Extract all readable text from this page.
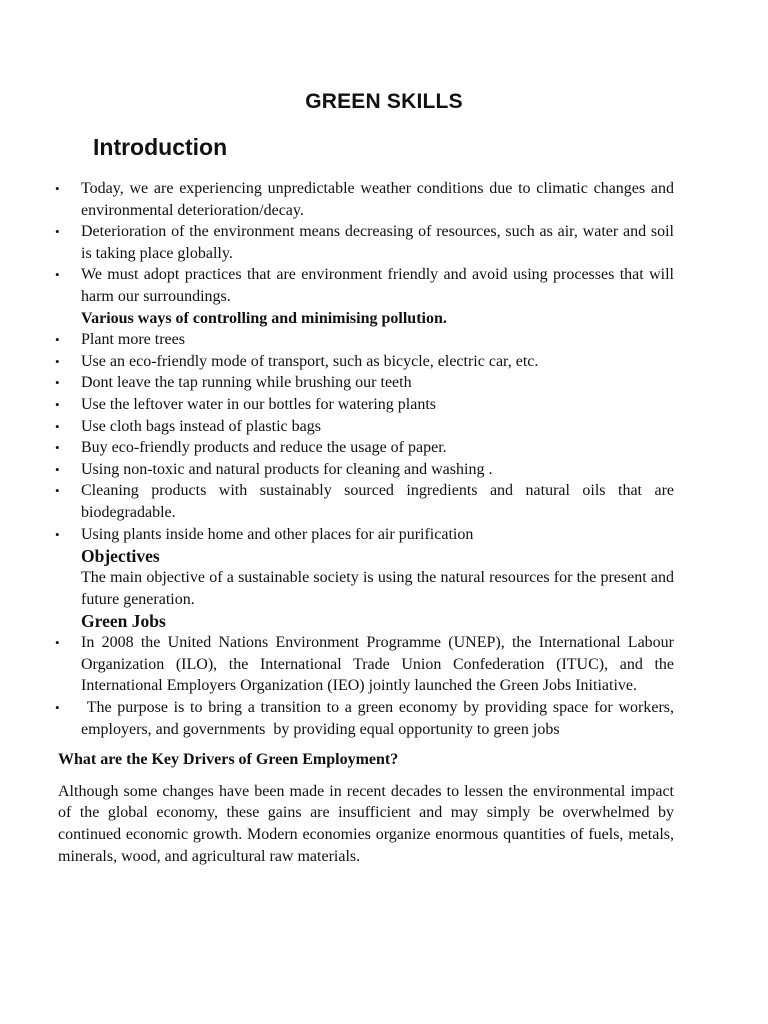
GREEN SKILLS
Introduction
• Today, we are experiencing unpredictable weather conditions due to climatic changes and environmental deterioration/decay.
• Deterioration of the environment means decreasing of resources, such as air, water and soil is taking place globally.
• We must adopt practices that are environment friendly and avoid using processes that will harm our surroundings.
Various ways of controlling and minimising pollution.
• Plant more trees
• Use an eco-friendly mode of transport, such as bicycle, electric car, etc.
• Dont leave the tap running while brushing our teeth
• Use the leftover water in our bottles for watering plants
• Use cloth bags instead of plastic bags
• Buy eco-friendly products and reduce the usage of paper.
• Using non-toxic and natural products for cleaning and washing .
• Cleaning products with sustainably sourced ingredients and natural oils that are biodegradable.
• Using plants inside home and other places for air purification
Objectives

The main objective of a sustainable society is using the natural resources for the present and future generation.

Green Jobs
• In 2008 the United Nations Environment Programme (UNEP), the International Labour Organization (ILO), the International Trade Union Confederation (ITUC), and the International Employers Organization (IEO) jointly launched the Green Jobs Initiative.
• The purpose is to bring a transition to a green economy by providing space for workers, employers, and governments  by providing equal opportunity to green jobs
What are the Key Drivers of Green Employment?

Although some changes have been made in recent decades to lessen the environmental impact of the global economy, these gains are insufficient and may simply be overwhelmed by continued economic growth. Modern economies organize enormous quantities of fuels, metals, minerals, wood, and agricultural raw materials.
